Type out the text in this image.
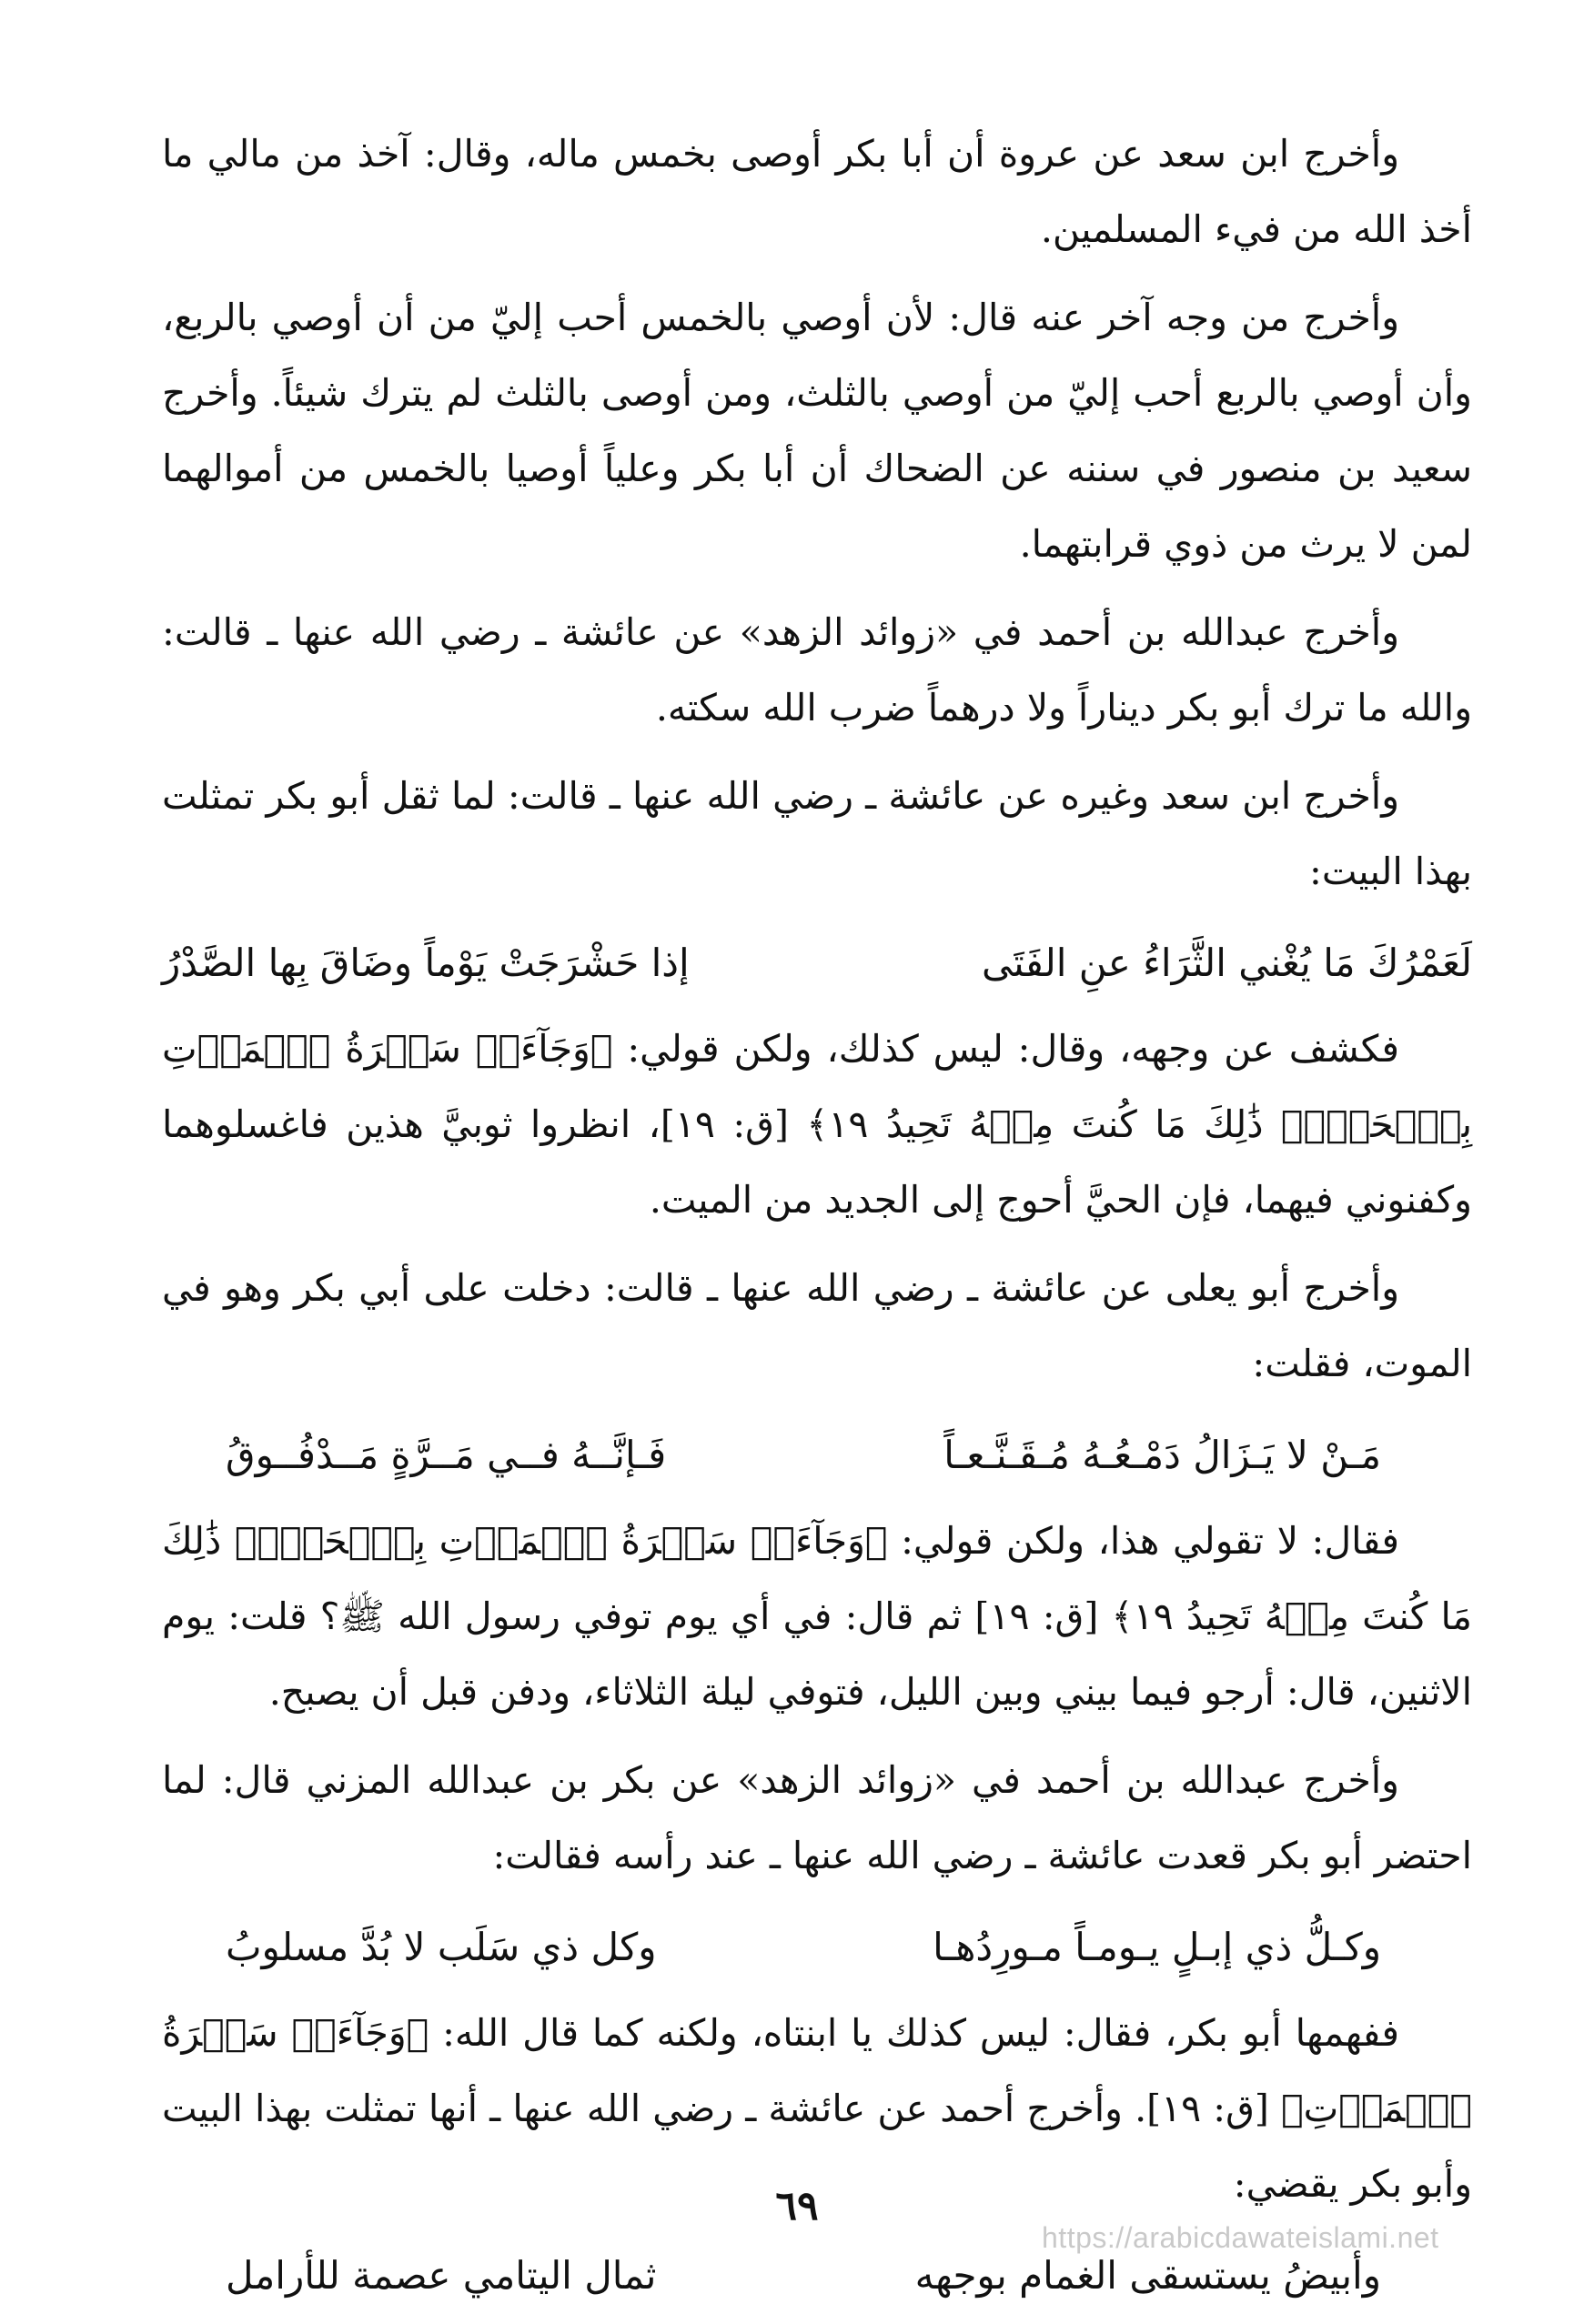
وأخرج ابن سعد عن عروة أن أبا بكر أوصى بخمس ماله، وقال: آخذ من مالي ما أخذ الله من فيء المسلمين.

وأخرج من وجه آخر عنه قال: لأن أوصي بالخمس أحب إليّ من أن أوصي بالربع، وأن أوصي بالربع أحب إليّ من أوصي بالثلث، ومن أوصى بالثلث لم يترك شيئاً. وأخرج سعيد بن منصور في سننه عن الضحاك أن أبا بكر وعلياً أوصيا بالخمس من أموالهما لمن لا يرث من ذوي قرابتهما.

وأخرج عبدالله بن أحمد في «زوائد الزهد» عن عائشة ـ رضي الله عنها ـ قالت: والله ما ترك أبو بكر ديناراً ولا درهماً ضرب الله سكته.

وأخرج ابن سعد وغيره عن عائشة ـ رضي الله عنها ـ قالت: لما ثقل أبو بكر تمثلت بهذا البيت:

لَعَمْرُكَ مَا يُغْني الثَّرَاءُ عنِ الفَتَى
إذا حَشْرَجَتْ يَوْماً وضَاقَ بِها الصَّدْرُ

فكشف عن وجهه، وقال: ليس كذلك، ولكن قولي: ﴿وَجَآءَتۡ سَكۡرَةُ ٱلۡمَوۡتِ بِٱلۡحَقِّۖ ذَٰلِكَ مَا كُنتَ مِنۡهُ تَحِيدُ ١٩﴾ [ق: ١٩]، انظروا ثوبيَّ هذين فاغسلوهما وكفنوني فيهما، فإن الحيَّ أحوج إلى الجديد من الميت.

وأخرج أبو يعلى عن عائشة ـ رضي الله عنها ـ قالت: دخلت على أبي بكر وهو في الموت، فقلت:

مَـنْ لا يَـزَالُ دَمْـعُـهُ مُـقَـنَّـعـاً
فَـإنَّــهُ فــي مَــرَّةٍ مَــدْفُــوقُ

فقال: لا تقولي هذا، ولكن قولي: ﴿وَجَآءَتۡ سَكۡرَةُ ٱلۡمَوۡتِ بِٱلۡحَقِّۖ ذَٰلِكَ مَا كُنتَ مِنۡهُ تَحِيدُ ١٩﴾ [ق: ١٩] ثم قال: في أي يوم توفي رسول الله ﷺ؟ قلت: يوم الاثنين، قال: أرجو فيما بيني وبين الليل، فتوفي ليلة الثلاثاء، ودفن قبل أن يصبح.

وأخرج عبدالله بن أحمد في «زوائد الزهد» عن بكر بن عبدالله المزني قال: لما احتضر أبو بكر قعدت عائشة ـ رضي الله عنها ـ عند رأسه فقالت:

وكـلُّ ذي إبـلٍ يـومـاً مـورِدُهـا
وكل ذي سَلَب لا بُدَّ مسلوبُ

ففهمها أبو بكر، فقال: ليس كذلك يا ابنتاه، ولكنه كما قال الله: ﴿وَجَآءَتۡ سَكۡرَةُ ٱلۡمَوۡتِ﴾ [ق: ١٩]. وأخرج أحمد عن عائشة ـ رضي الله عنها ـ أنها تمثلت بهذا البيت وأبو بكر يقضي:

وأبيضُ يستسقى الغمام بوجهه
ثمال اليتامي عصمة للأرامل
٦٩
https://arabicdawateislami.net
